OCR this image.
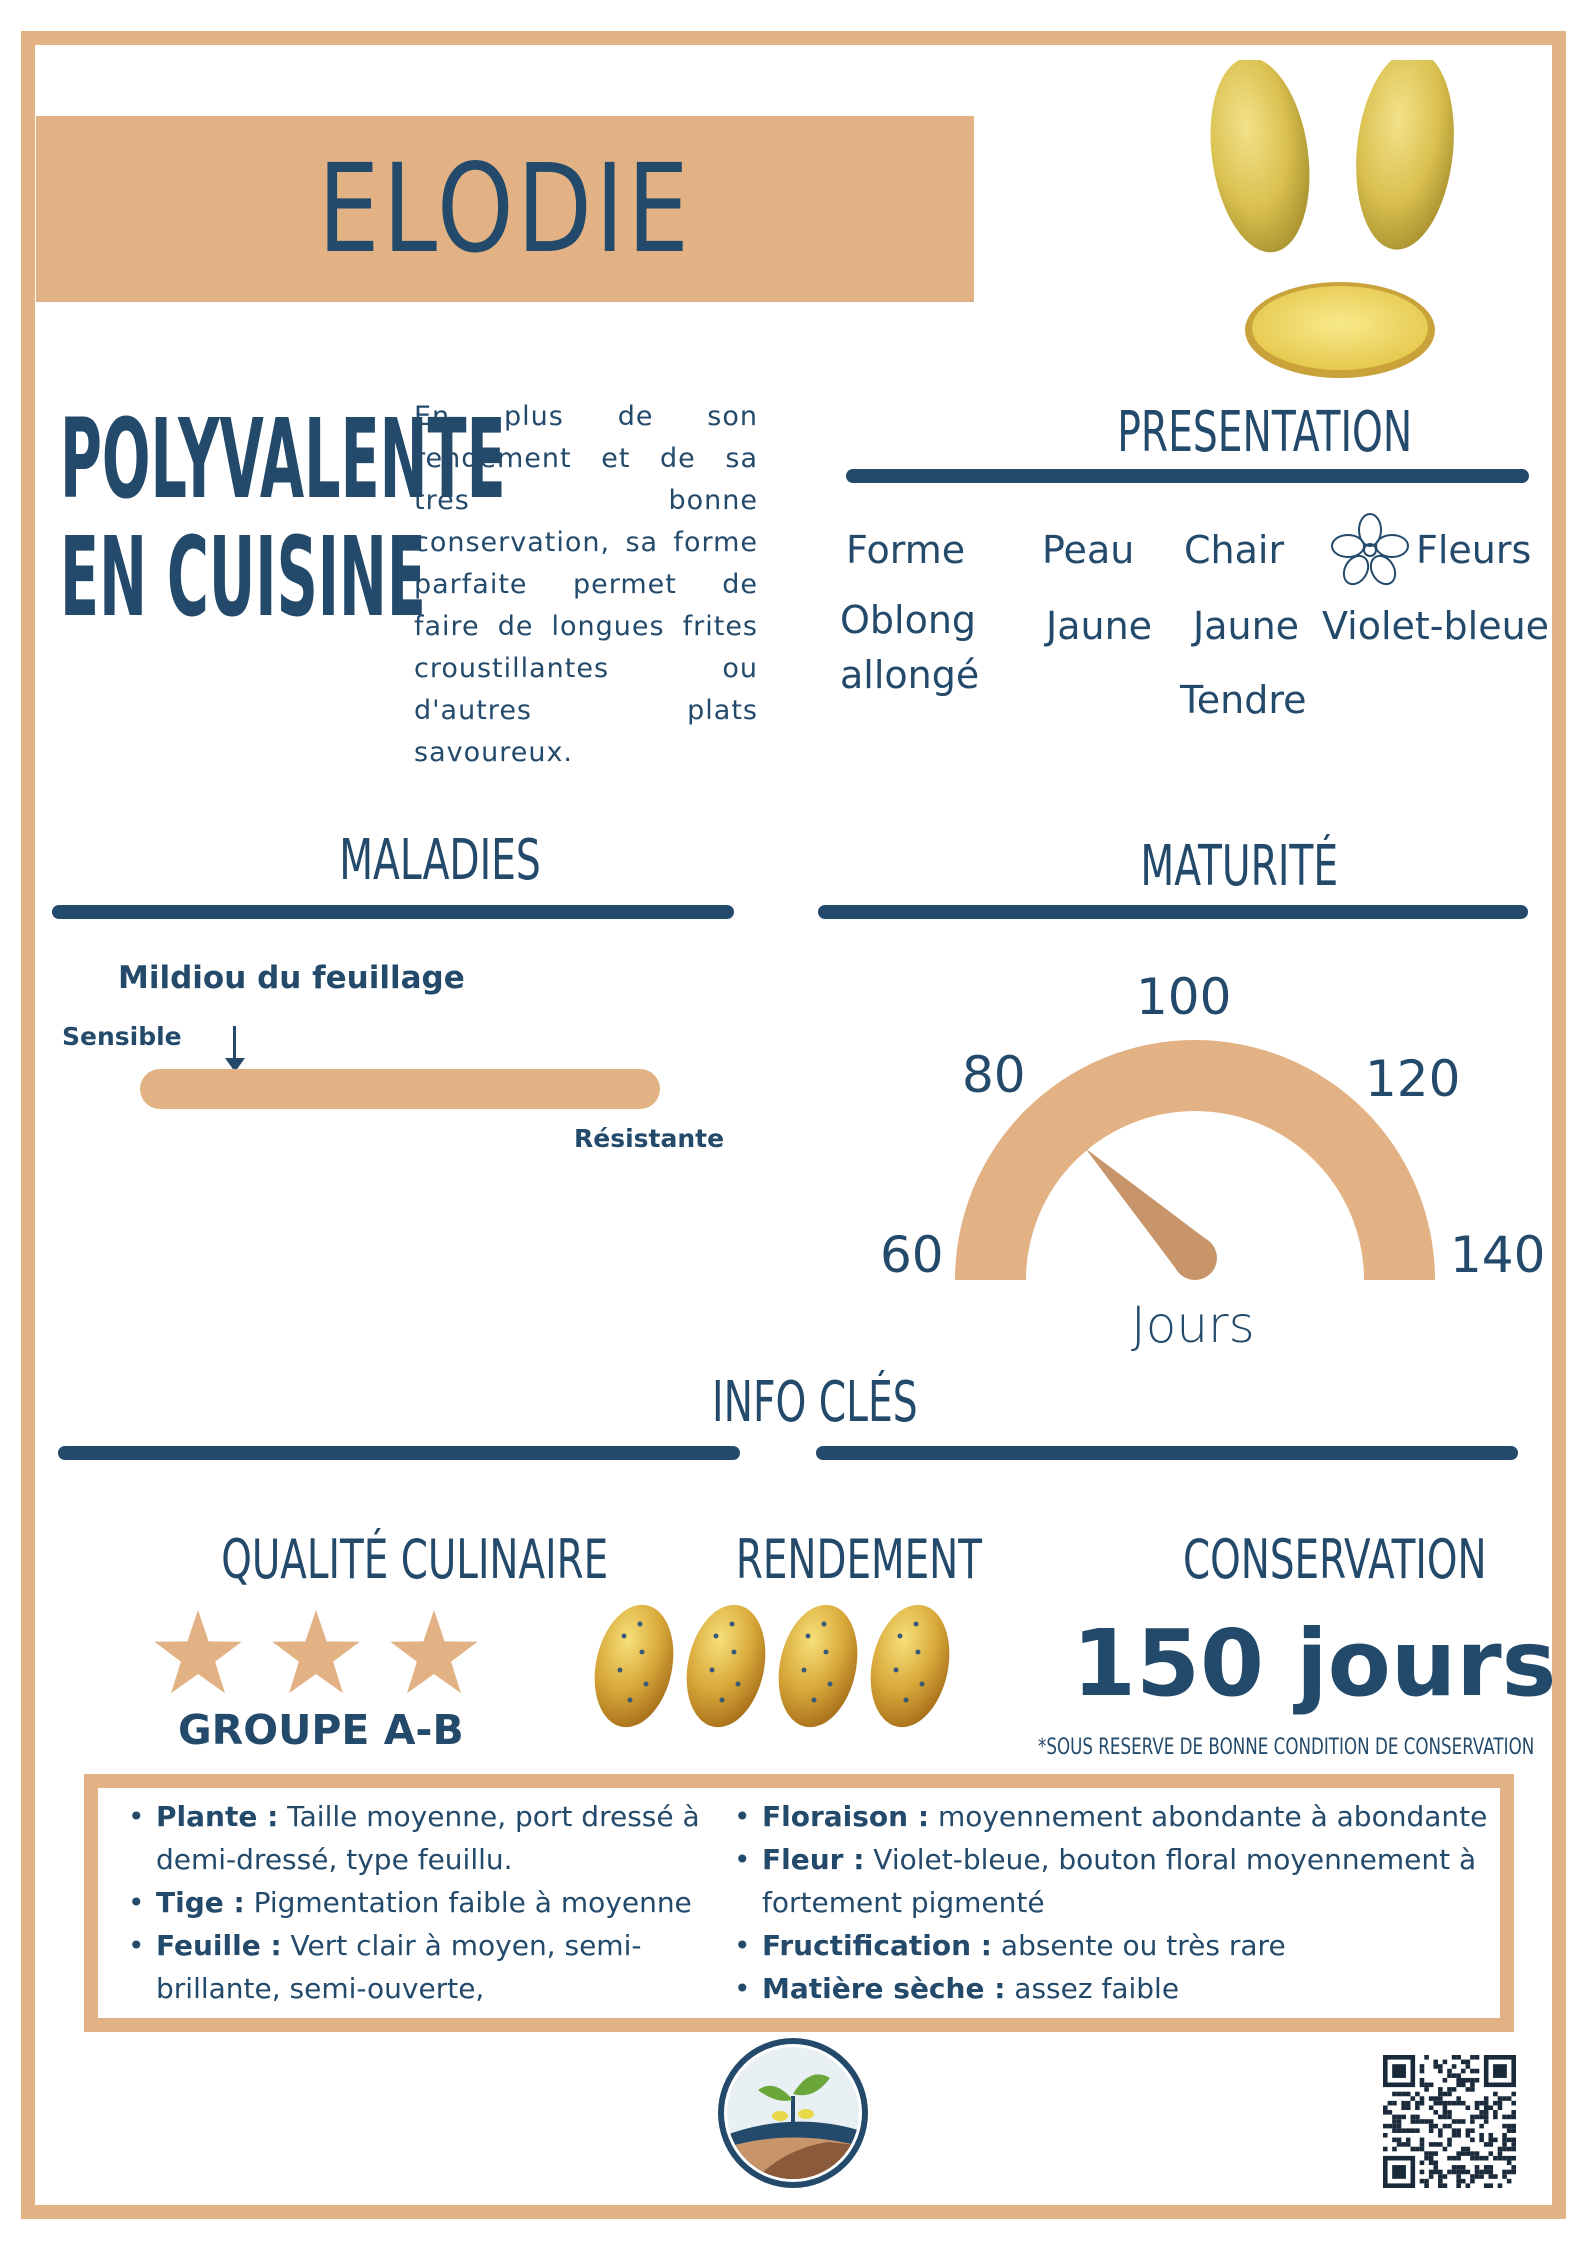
ELODIE
POLYVALENTE
EN CUISINE
En plus de son rendement et de sa très bonne conservation, sa forme parfaite permet de faire de longues frites croustillantes ou d'autres plats savoureux.
PRESENTATION
Forme Peau Chair	Fleurs
Oblong
allongé
Jaune Jaune
Tendre
Violet-bleue
MALADIES
Mildiou du feuillage
Sensible
Résistante
MATURITÉ
60
80
100
120
140
Jours
INFO CLÉS
QUALITÉ CULINAIRE RENDEMENT	CONSERVATION
GROUPE A-B
150 jours
*SOUS RESERVE DE BONNE CONDITION DE CONSERVATION
• Plante : Taille moyenne, port dressé à demi-dressé, type feuillu.
• Tige : Pigmentation faible à moyenne
• Feuille : Vert clair à moyen, semi-brillante, semi-ouverte,
• Floraison : moyennement abondante à abondante
• Fleur : Violet-bleue, bouton floral moyennement à fortement pigmenté
• Fructification : absente ou très rare
• Matière sèche : assez faible
